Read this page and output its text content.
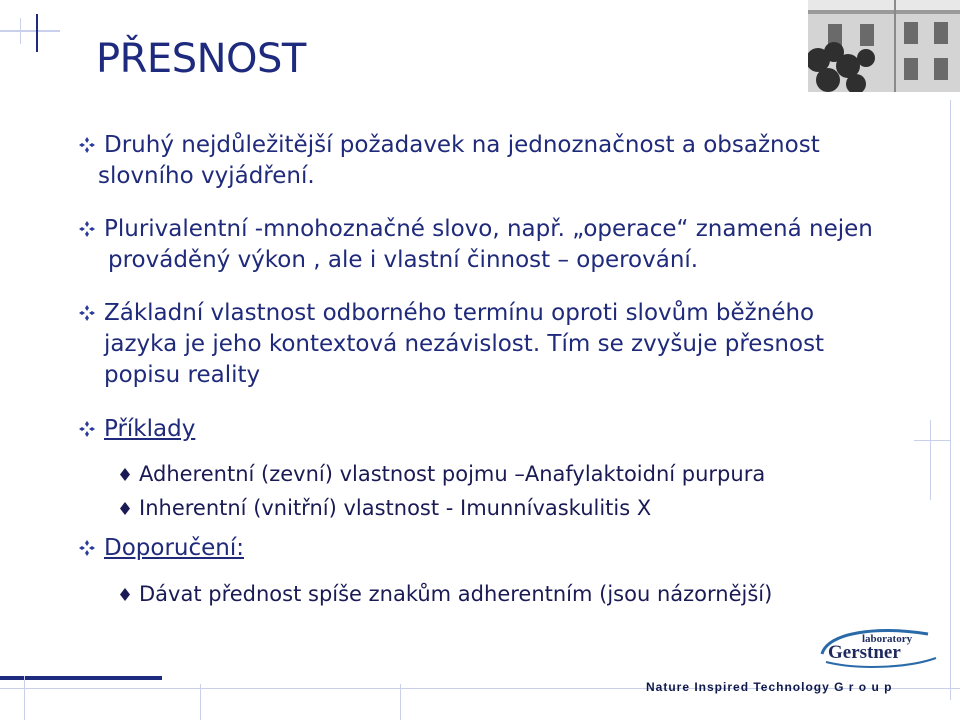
PŘESNOST
Druhý nejdůležitější požadavek na jednoznačnost a obsažnost
slovního vyjádření.
Plurivalentní -mnohoznačné slovo, např. „operace“ znamená nejen
prováděný výkon , ale i vlastní činnost – operování.
Základní vlastnost odborného termínu oproti slovům běžného
jazyka je jeho kontextová nezávislost. Tím se zvyšuje přesnost
popisu reality
Příklady
Adherentní (zevní) vlastnost pojmu –Anafylaktoidní purpura
Inherentní (vnitřní) vlastnost - Imunnívaskulitis X
Doporučení:
Dávat přednost spíše znakům adherentním (jsou názornější)
laboratory
Gerstner
Nature Inspired Technology G r o u p
